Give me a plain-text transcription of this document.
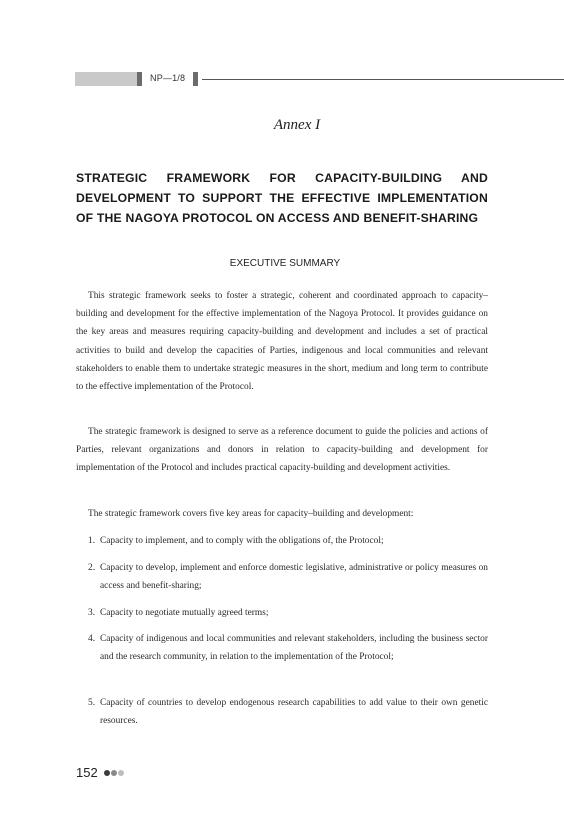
NP—1/8
Annex I
STRATEGIC FRAMEWORK FOR CAPACITY-BUILDING AND
DEVELOPMENT TO SUPPORT THE EFFECTIVE IMPLEMENTATION
OF THE NAGOYA PROTOCOL ON ACCESS AND BENEFIT-SHARING
EXECUTIVE SUMMARY

This strategic framework seeks to foster a strategic, coherent and coordinated approach to capacity–building and development for the effective implementation of the Nagoya Protocol. It provides guidance on the key areas and measures requiring capacity-building and development and includes a set of practical activities to build and develop the capacities of Parties, indigenous and local communities and relevant stakeholders to enable them to undertake strategic measures in the short, medium and long term to contribute to the effective implementation of the Protocol.

The strategic framework is designed to serve as a reference document to guide the policies and actions of Parties, relevant organizations and donors in relation to capacity-building and development for implementation of the Protocol and includes practical capacity-building and development activities.

The strategic framework covers five key areas for capacity–building and development:

1. Capacity to implement, and to comply with the obligations of, the Protocol;

2. Capacity to develop, implement and enforce domestic legislative, administrative or policy measures on access and benefit-sharing;

3. Capacity to negotiate mutually agreed terms;

4. Capacity of indigenous and local communities and relevant stakeholders, including the business sector and the research community, in relation to the implementation of the Protocol;

5. Capacity of countries to develop endogenous research capabilities to add value to their own genetic resources.

152
